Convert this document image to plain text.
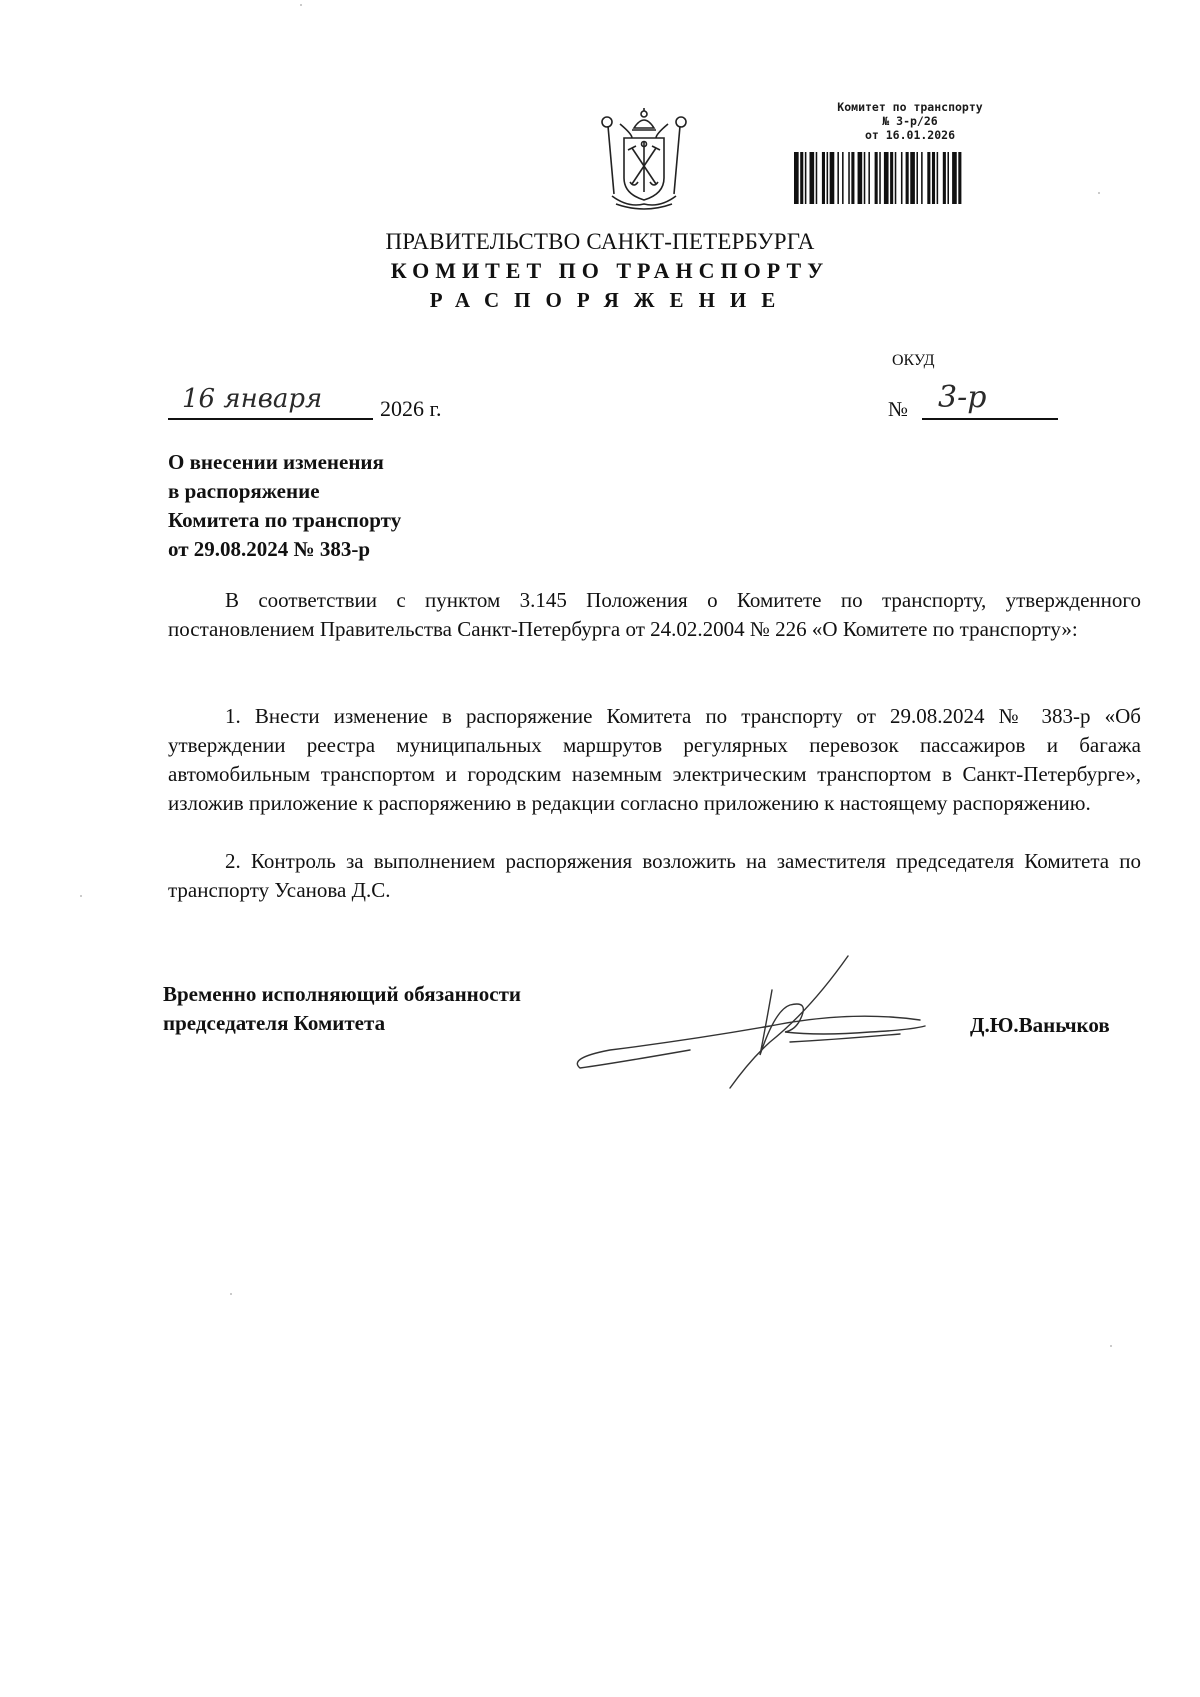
Комитет по транспорту
№ 3-р/26
от 16.01.2026
ПРАВИТЕЛЬСТВО САНКТ-ПЕТЕРБУРГА
КОМИТЕТ ПО ТРАНСПОРТУ
РАСПОРЯЖЕНИЕ
ОКУД
16 января	2026 г.	№ 3-р
О внесении изменения
в распоряжение
Комитета по транспорту
от 29.08.2024 № 383-р
В соответствии с пунктом 3.145 Положения о Комитете по транспорту, утвержденного постановлением Правительства Санкт-Петербурга от 24.02.2004 № 226 «О Комитете по транспорту»:
1. Внести изменение в распоряжение Комитета по транспорту от 29.08.2024 № 383-р «Об утверждении реестра муниципальных маршрутов регулярных перевозок пассажиров и багажа автомобильным транспортом и городским наземным электрическим транспортом в Санкт-Петербурге», изложив приложение к распоряжению в редакции согласно приложению к настоящему распоряжению.
2. Контроль за выполнением распоряжения возложить на заместителя председателя Комитета по транспорту Усанова Д.С.
Временно исполняющий обязанности
председателя Комитета	Д.Ю.Ваньчков
